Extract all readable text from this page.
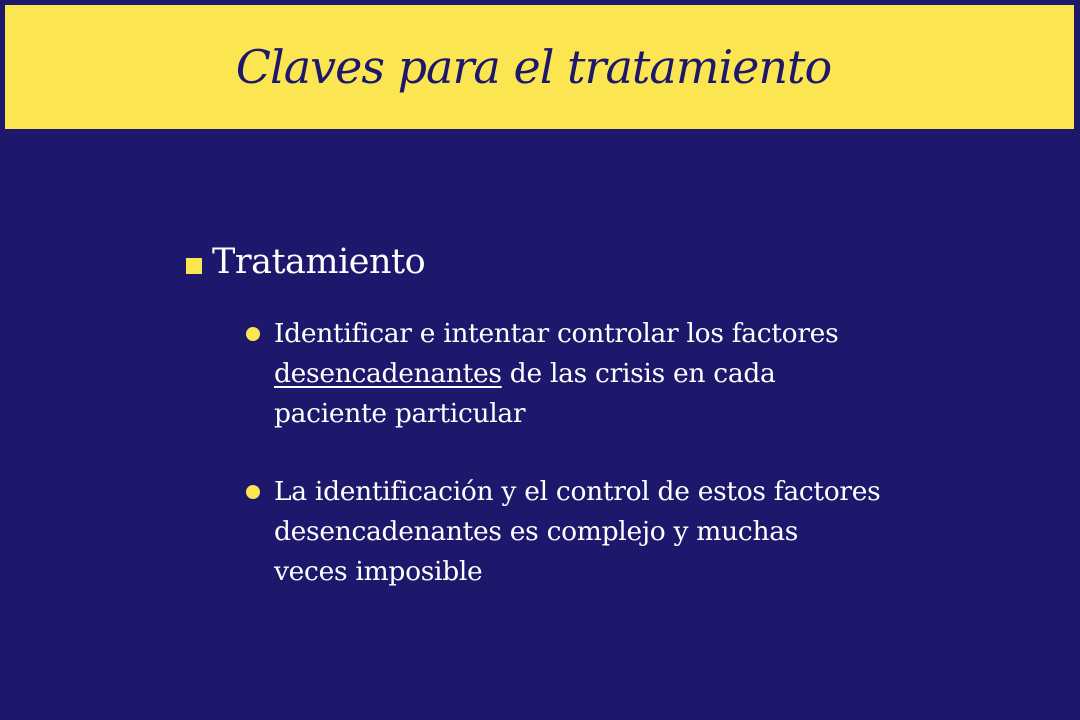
Claves para el tratamiento
Tratamiento
Identificar e intentar controlar los factores
desencadenantes de las crisis en cada
paciente particular
La identificación y el control de estos factores
desencadenantes es complejo y muchas
veces imposible
